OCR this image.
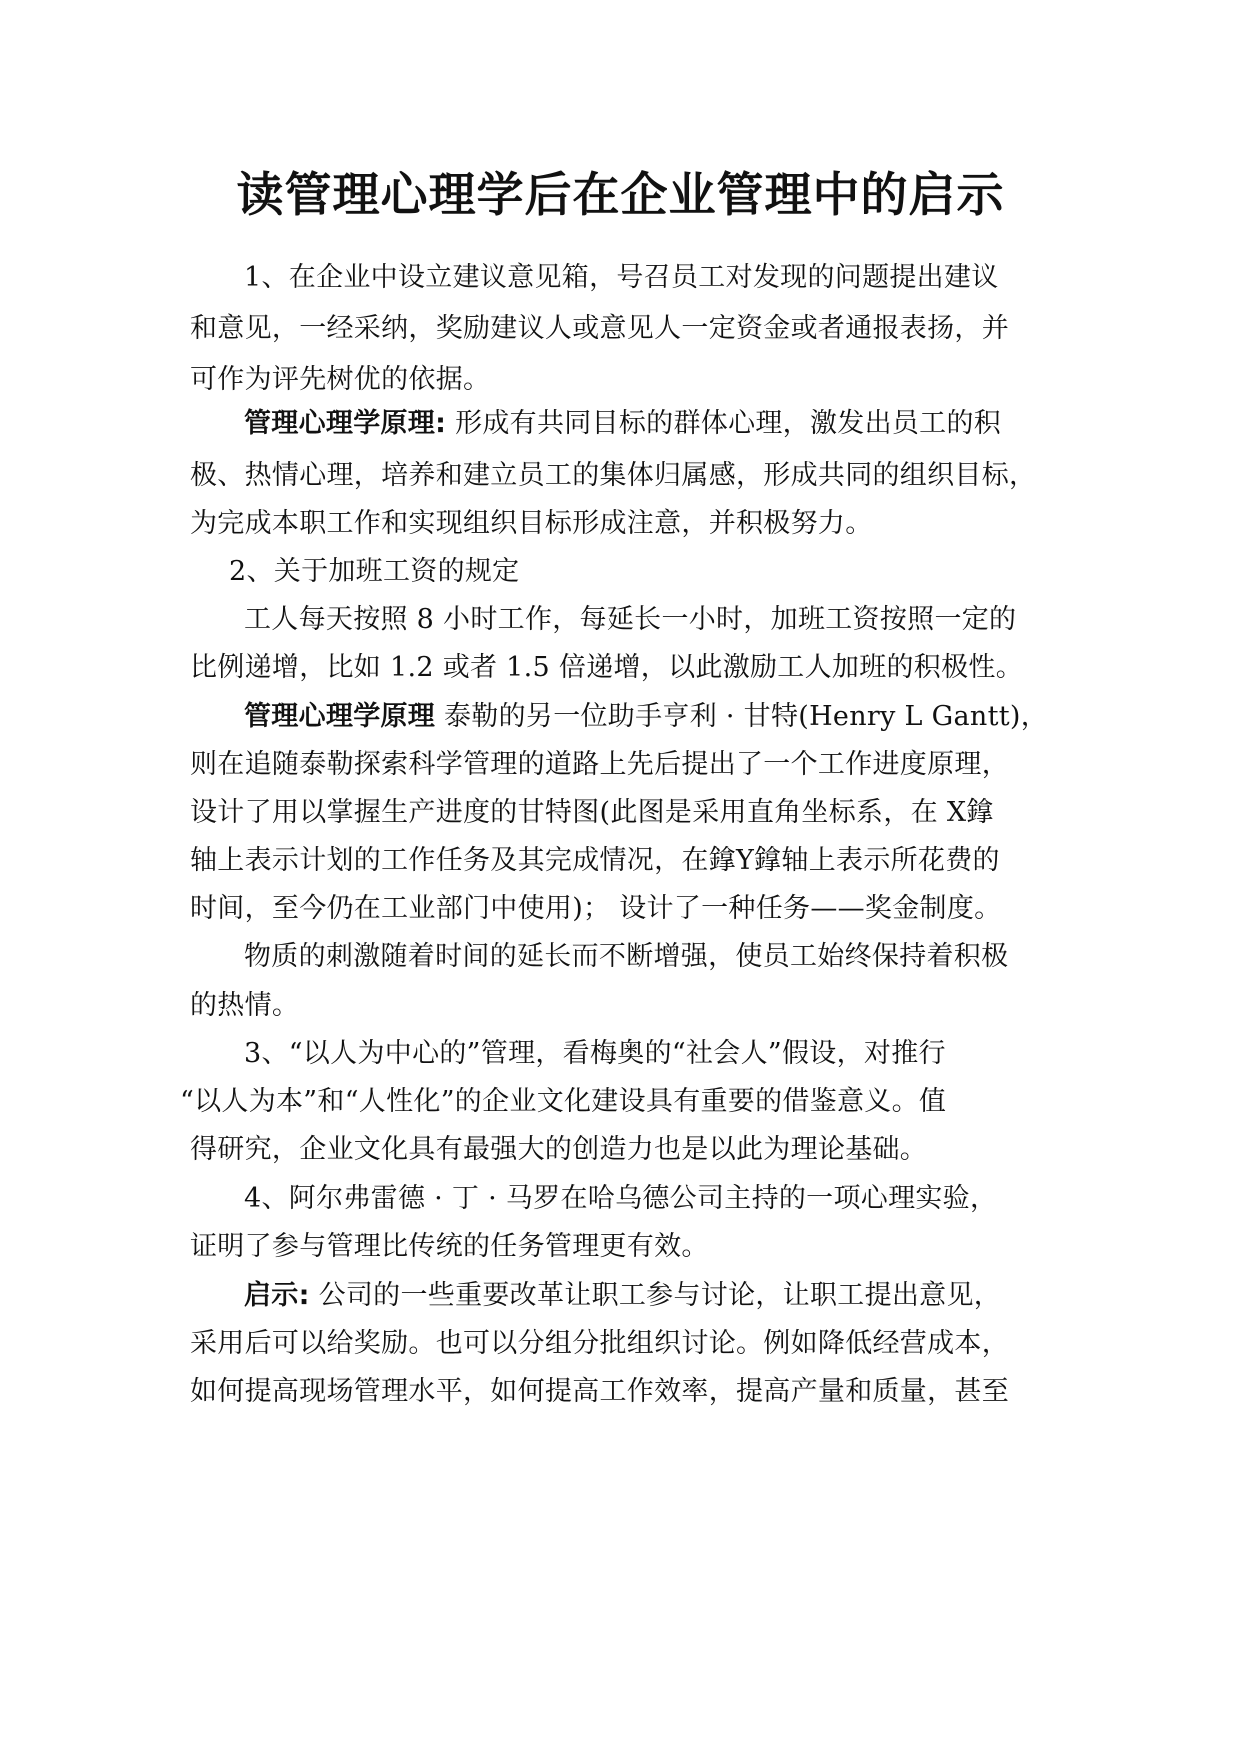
读管理心理学后在企业管理中的启示
1、在企业中设立建议意见箱，号召员工对发现的问题提出建议
和意见，一经采纳，奖励建议人或意见人一定资金或者通报表扬，并
可作为评先树优的依据。
管理心理学原理: 形成有共同目标的群体心理，激发出员工的积
极、热情心理，培养和建立员工的集体归属感，形成共同的组织目标，
为完成本职工作和实现组织目标形成注意，并积极努力。
2、关于加班工资的规定
工人每天按照 8 小时工作，每延长一小时，加班工资按照一定的
比例递增，比如 1.2 或者 1.5 倍递增，以此激励工人加班的积极性。
管理心理学原理 泰勒的另一位助手亨利 · 甘特(Henry L Gantt)，
则在追随泰勒探索科学管理的道路上先后提出了一个工作进度原理，
设计了用以掌握生产进度的甘特图(此图是采用直角坐标系，在 X鎿
轴上表示计划的工作任务及其完成情况，在鎿Y鎿轴上表示所花费的
时间，至今仍在工业部门中使用)； 设计了一种任务——奖金制度。
物质的刺激随着时间的延长而不断增强，使员工始终保持着积极
的热情。
3、“以人为中心的”管理，看梅奥的“社会人”假设，对推行
“以人为本”和“人性化”的企业文化建设具有重要的借鉴意义。值
得研究，企业文化具有最强大的创造力也是以此为理论基础。
4、阿尔弗雷德 · 丁 · 马罗在哈乌德公司主持的一项心理实验，
证明了参与管理比传统的任务管理更有效。
启示: 公司的一些重要改革让职工参与讨论，让职工提出意见，
采用后可以给奖励。也可以分组分批组织讨论。例如降低经营成本，
如何提高现场管理水平，如何提高工作效率，提高产量和质量，甚至
